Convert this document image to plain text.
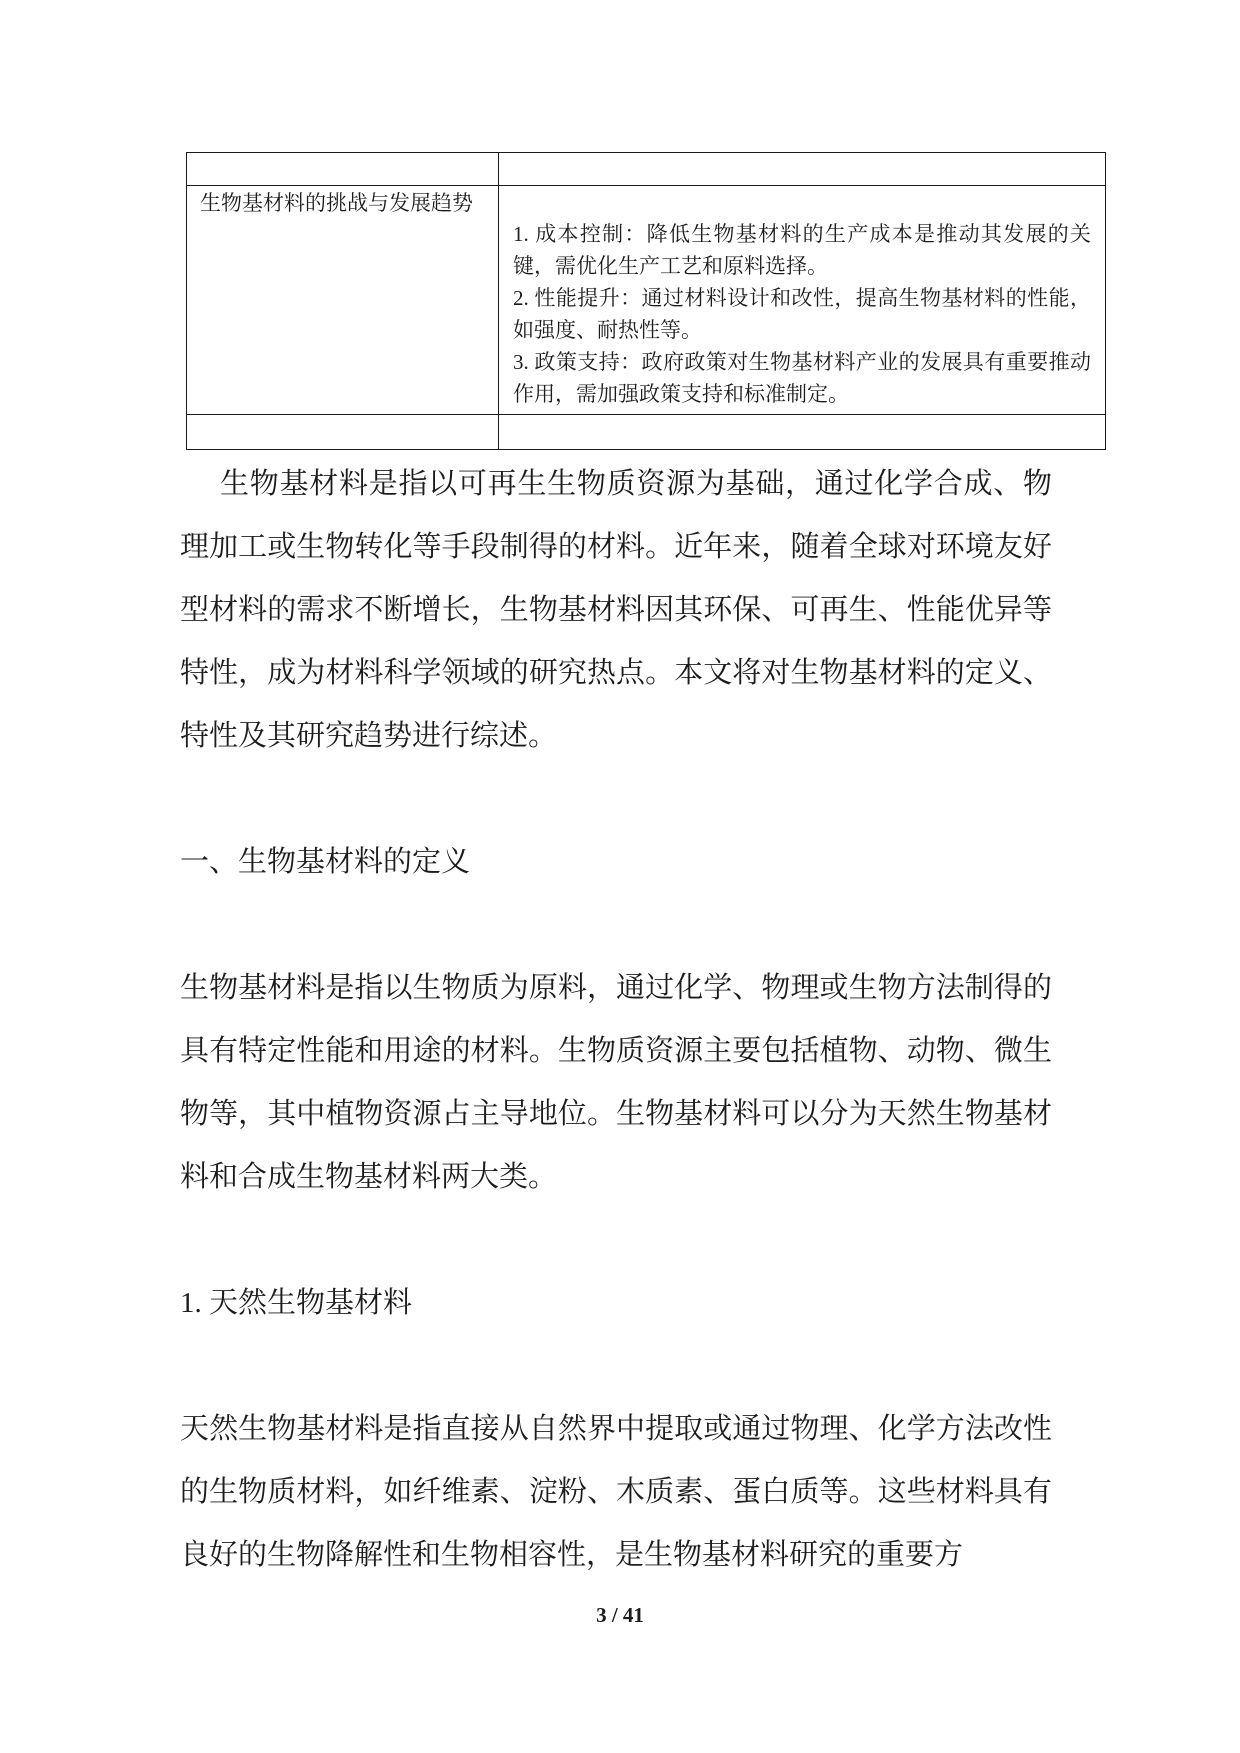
生物基材料的挑战与发展趋势	1. 成本控制：降低生物基材料的生产成本是推动其发展的关键，需优化生产工艺和原料选择。
2. 性能提升：通过材料设计和改性，提高生物基材料的性能，如强度、耐热性等。
3. 政策支持：政府政策对生物基材料产业的发展具有重要推动作用，需加强政策支持和标准制定。

生物基材料是指以可再生生物质资源为基础，通过化学合成、物理加工或生物转化等手段制得的材料。近年来，随着全球对环境友好型材料的需求不断增长，生物基材料因其环保、可再生、性能优异等特性，成为材料科学领域的研究热点。本文将对生物基材料的定义、特性及其研究趋势进行综述。

一、生物基材料的定义

生物基材料是指以生物质为原料，通过化学、物理或生物方法制得的具有特定性能和用途的材料。生物质资源主要包括植物、动物、微生物等，其中植物资源占主导地位。生物基材料可以分为天然生物基材料和合成生物基材料两大类。

1. 天然生物基材料

天然生物基材料是指直接从自然界中提取或通过物理、化学方法改性的生物质材料，如纤维素、淀粉、木质素、蛋白质等。这些材料具有良好的生物降解性和生物相容性，是生物基材料研究的重要方

3 / 41
